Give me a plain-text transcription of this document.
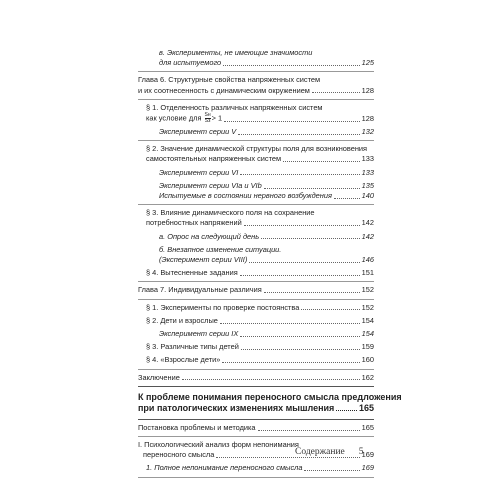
в. Эксперименты, не имеющие значимости
для испытуемого	125
Глава 6. Структурные свойства напряженных систем
и их соотнесенность с динамическим окружением	128
§ 1. Отделенность различных напряженных систем
как условие для $\frac{Sн}{Sз} > 1$	128
Эксперимент серии V	132
§ 2. Значение динамической структуры поля для возникновения
самостоятельных напряженных систем	133
Эксперимент серии VI	133
Эксперимент серии VIa и VIb	135
Испытуемые в состоянии нервного возбуждения	140
§ 3. Влияние динамического поля на сохранение
потребностных напряжений	142
а. Опрос на следующий день	142
б. Внезапное изменение ситуации.
(Эксперимент серии VIII)	146
§ 4. Вытесненные задания	151
Глава 7. Индивидуальные различия	152
§ 1. Эксперименты по проверке постоянства	152
§ 2. Дети и взрослые	154
Эксперимент серии IX	154
§ 3. Различные типы детей	159
§ 4. «Взрослые дети»	160
Заключение	162
К проблеме понимания переносного смысла предложения
при патологических изменениях мышления	165
Постановка проблемы и методика	165
I. Психологический анализ форм непонимания
переносного смысла	169
1. Полное непонимание переносного смысла	169
Содержание 5
